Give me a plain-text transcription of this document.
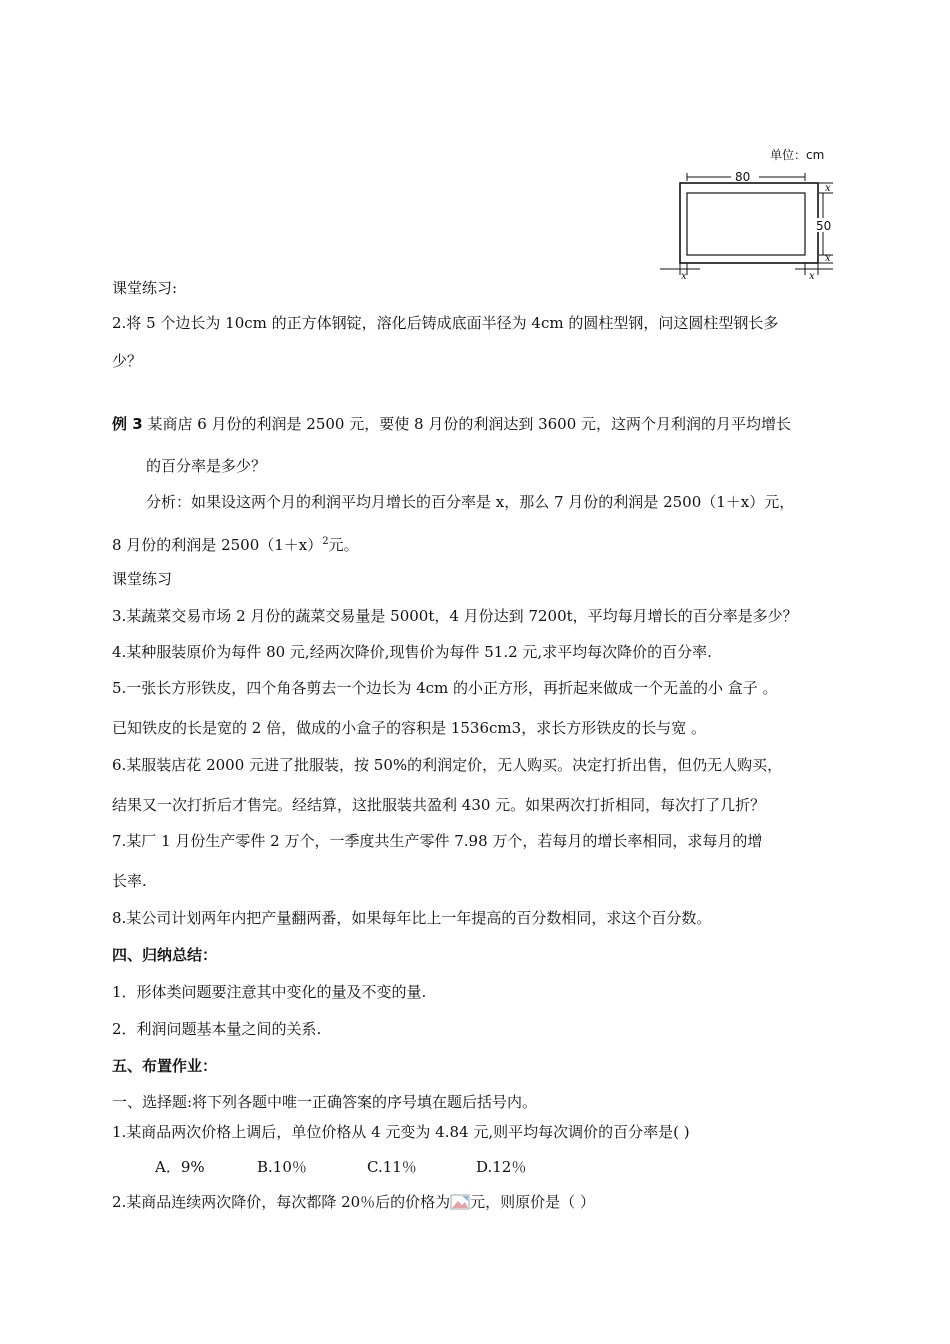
单位：cm
80
50
x
x
x	x
课堂练习:
2.将 5 个边长为 10cm 的正方体钢锭，溶化后铸成底面半径为 4cm 的圆柱型钢，问这圆柱型钢长多
少？
例 3 某商店 6 月份的利润是 2500 元，要使 8 月份的利润达到 3600 元，这两个月利润的月平均增长
的百分率是多少？
分析：如果设这两个月的利润平均月增长的百分率是 x，那么 7 月份的利润是 2500（1＋x）元，
8 月份的利润是 $2500(1+x)^2$元。
课堂练习
3.某蔬菜交易市场 2 月份的蔬菜交易量是 5000t，4 月份达到 7200t，平均每月增长的百分率是多少？
4.某种服装原价为每件 80 元,经两次降价,现售价为每件 51.2 元,求平均每次降价的百分率.
5.一张长方形铁皮，四个角各剪去一个边长为 4cm 的小正方形，再折起来做成一个无盖的小 盒子 。
已知铁皮的长是宽的 2 倍，做成的小盒子的容积是 1536cm3，求长方形铁皮的长与宽 。
6.某服装店花 2000 元进了批服装，按 50%的利润定价，无人购买。决定打折出售，但仍无人购买，
结果又一次打折后才售完。经结算，这批服装共盈利 430 元。如果两次打折相同，每次打了几折？
7.某厂 1 月份生产零件 2 万个，一季度共生产零件 7.98 万个，若每月的增长率相同，求每月的增
长率.
8.某公司计划两年内把产量翻两番，如果每年比上一年提高的百分数相同，求这个百分数。
四、归纳总结：
1．形体类问题要注意其中变化的量及不变的量.
2．利润问题基本量之间的关系.
五、布置作业：
一、选择题:将下列各题中唯一正确答案的序号填在题后括号内。
1.某商品两次价格上调后，单位价格从 4 元变为 4.84 元,则平均每次调价的百分率是( )
A．9%	B.10％	C.11％	D.12％
2.某商品连续两次降价，每次都降 20％后的价格为 元，则原价是（ ）
